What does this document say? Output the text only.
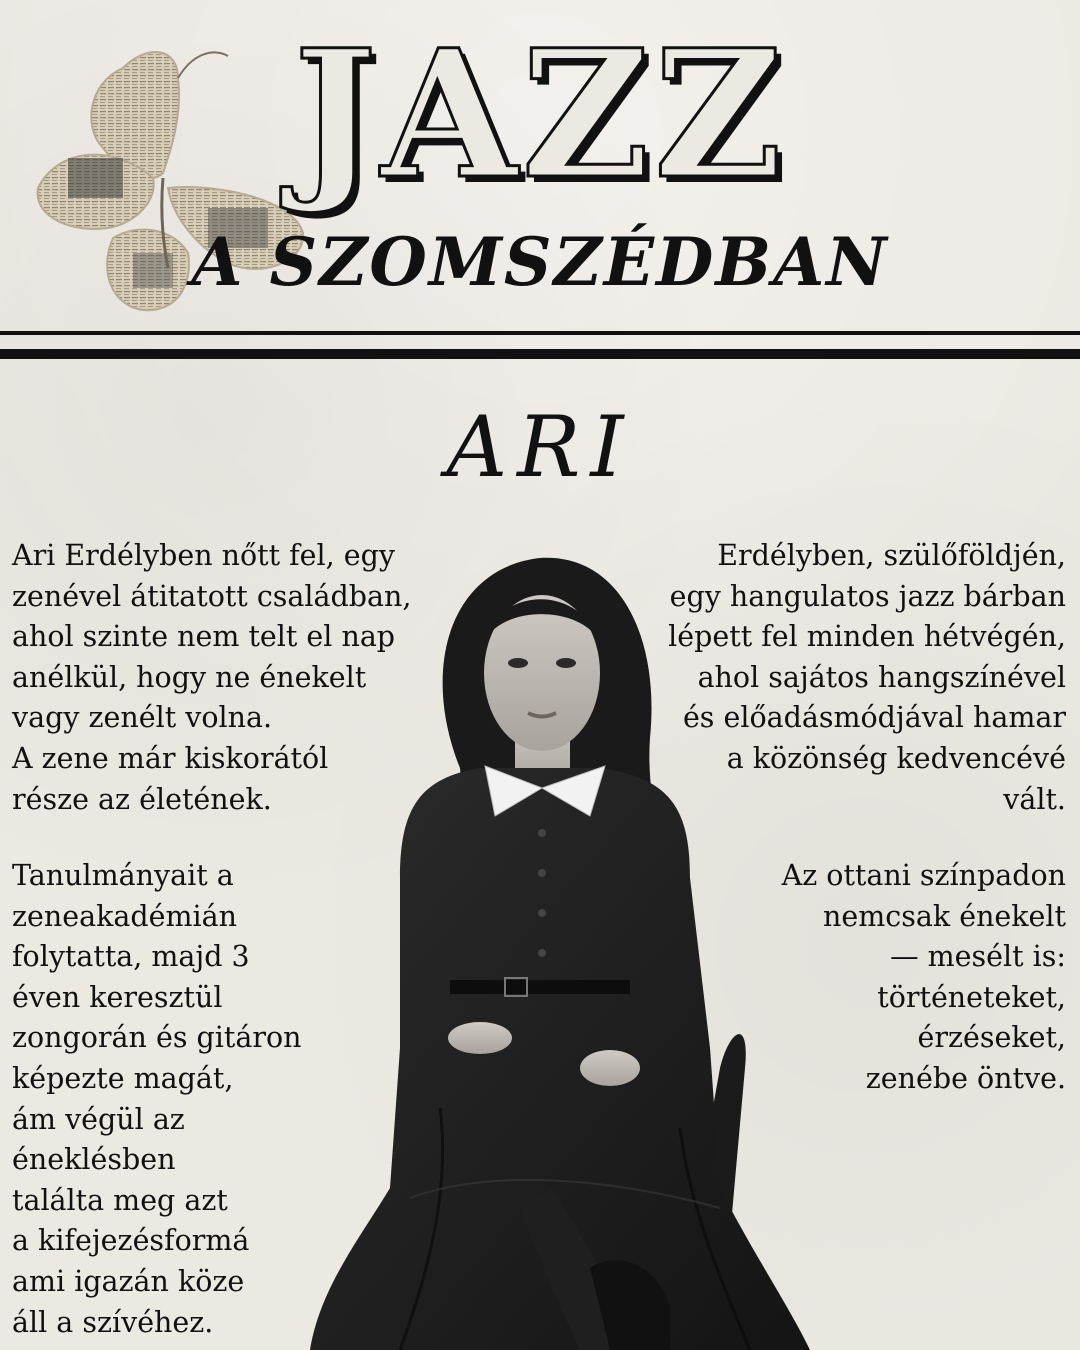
JAZZ
A SZOMSZÉDBAN
ARI

Ari Erdélyben nőtt fel, egy
zenével átitatott családban,
ahol szinte nem telt el nap
anélkül, hogy ne énekelt
vagy zenélt volna.
A zene már kiskorától
része az életének.

Tanulmányait a
zeneakadémián
folytatta, majd 3
éven keresztül
zongorán és gitáron
képezte magát,
ám végül az
éneklésben
találta meg azt
a kifejezésformá
ami igazán köze
áll a szívéhez.

Erdélyben, szülőföldjén,
egy hangulatos jazz bárban
lépett fel minden hétvégén,
ahol sajátos hangszínével
és előadásmódjával hamar
a közönség kedvencévé
vált.

Az ottani színpadon
nemcsak énekelt
— mesélt is:
történeteket,
érzéseket,
zenébe öntve.
